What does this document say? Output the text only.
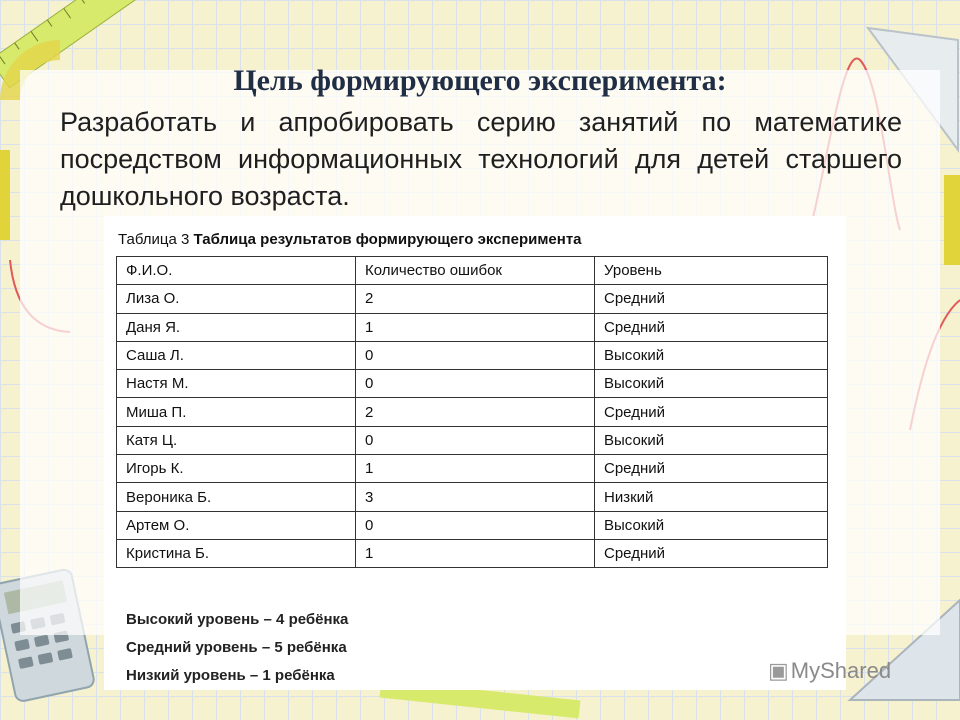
Цель формирующего эксперимента:
Разработать и апробировать серию занятий по математике посредством информационных технологий для детей старшего дошкольного возраста.
Таблица 3 Таблица результатов формирующего эксперимента
Ф.И.О.	Количество ошибок	Уровень
Лиза О.	2	Средний
Даня Я.	1	Средний
Саша Л.	0	Высокий
Настя М.	0	Высокий
Миша П.	2	Средний
Катя Ц.	0	Высокий
Игорь К.	1	Средний
Вероника Б.	3	Низкий
Артем О.	0	Высокий
Кристина Б.	1	Средний
Высокий уровень – 4 ребёнка
Средний уровень – 5 ребёнка
Низкий уровень – 1 ребёнка	▣MyShared
